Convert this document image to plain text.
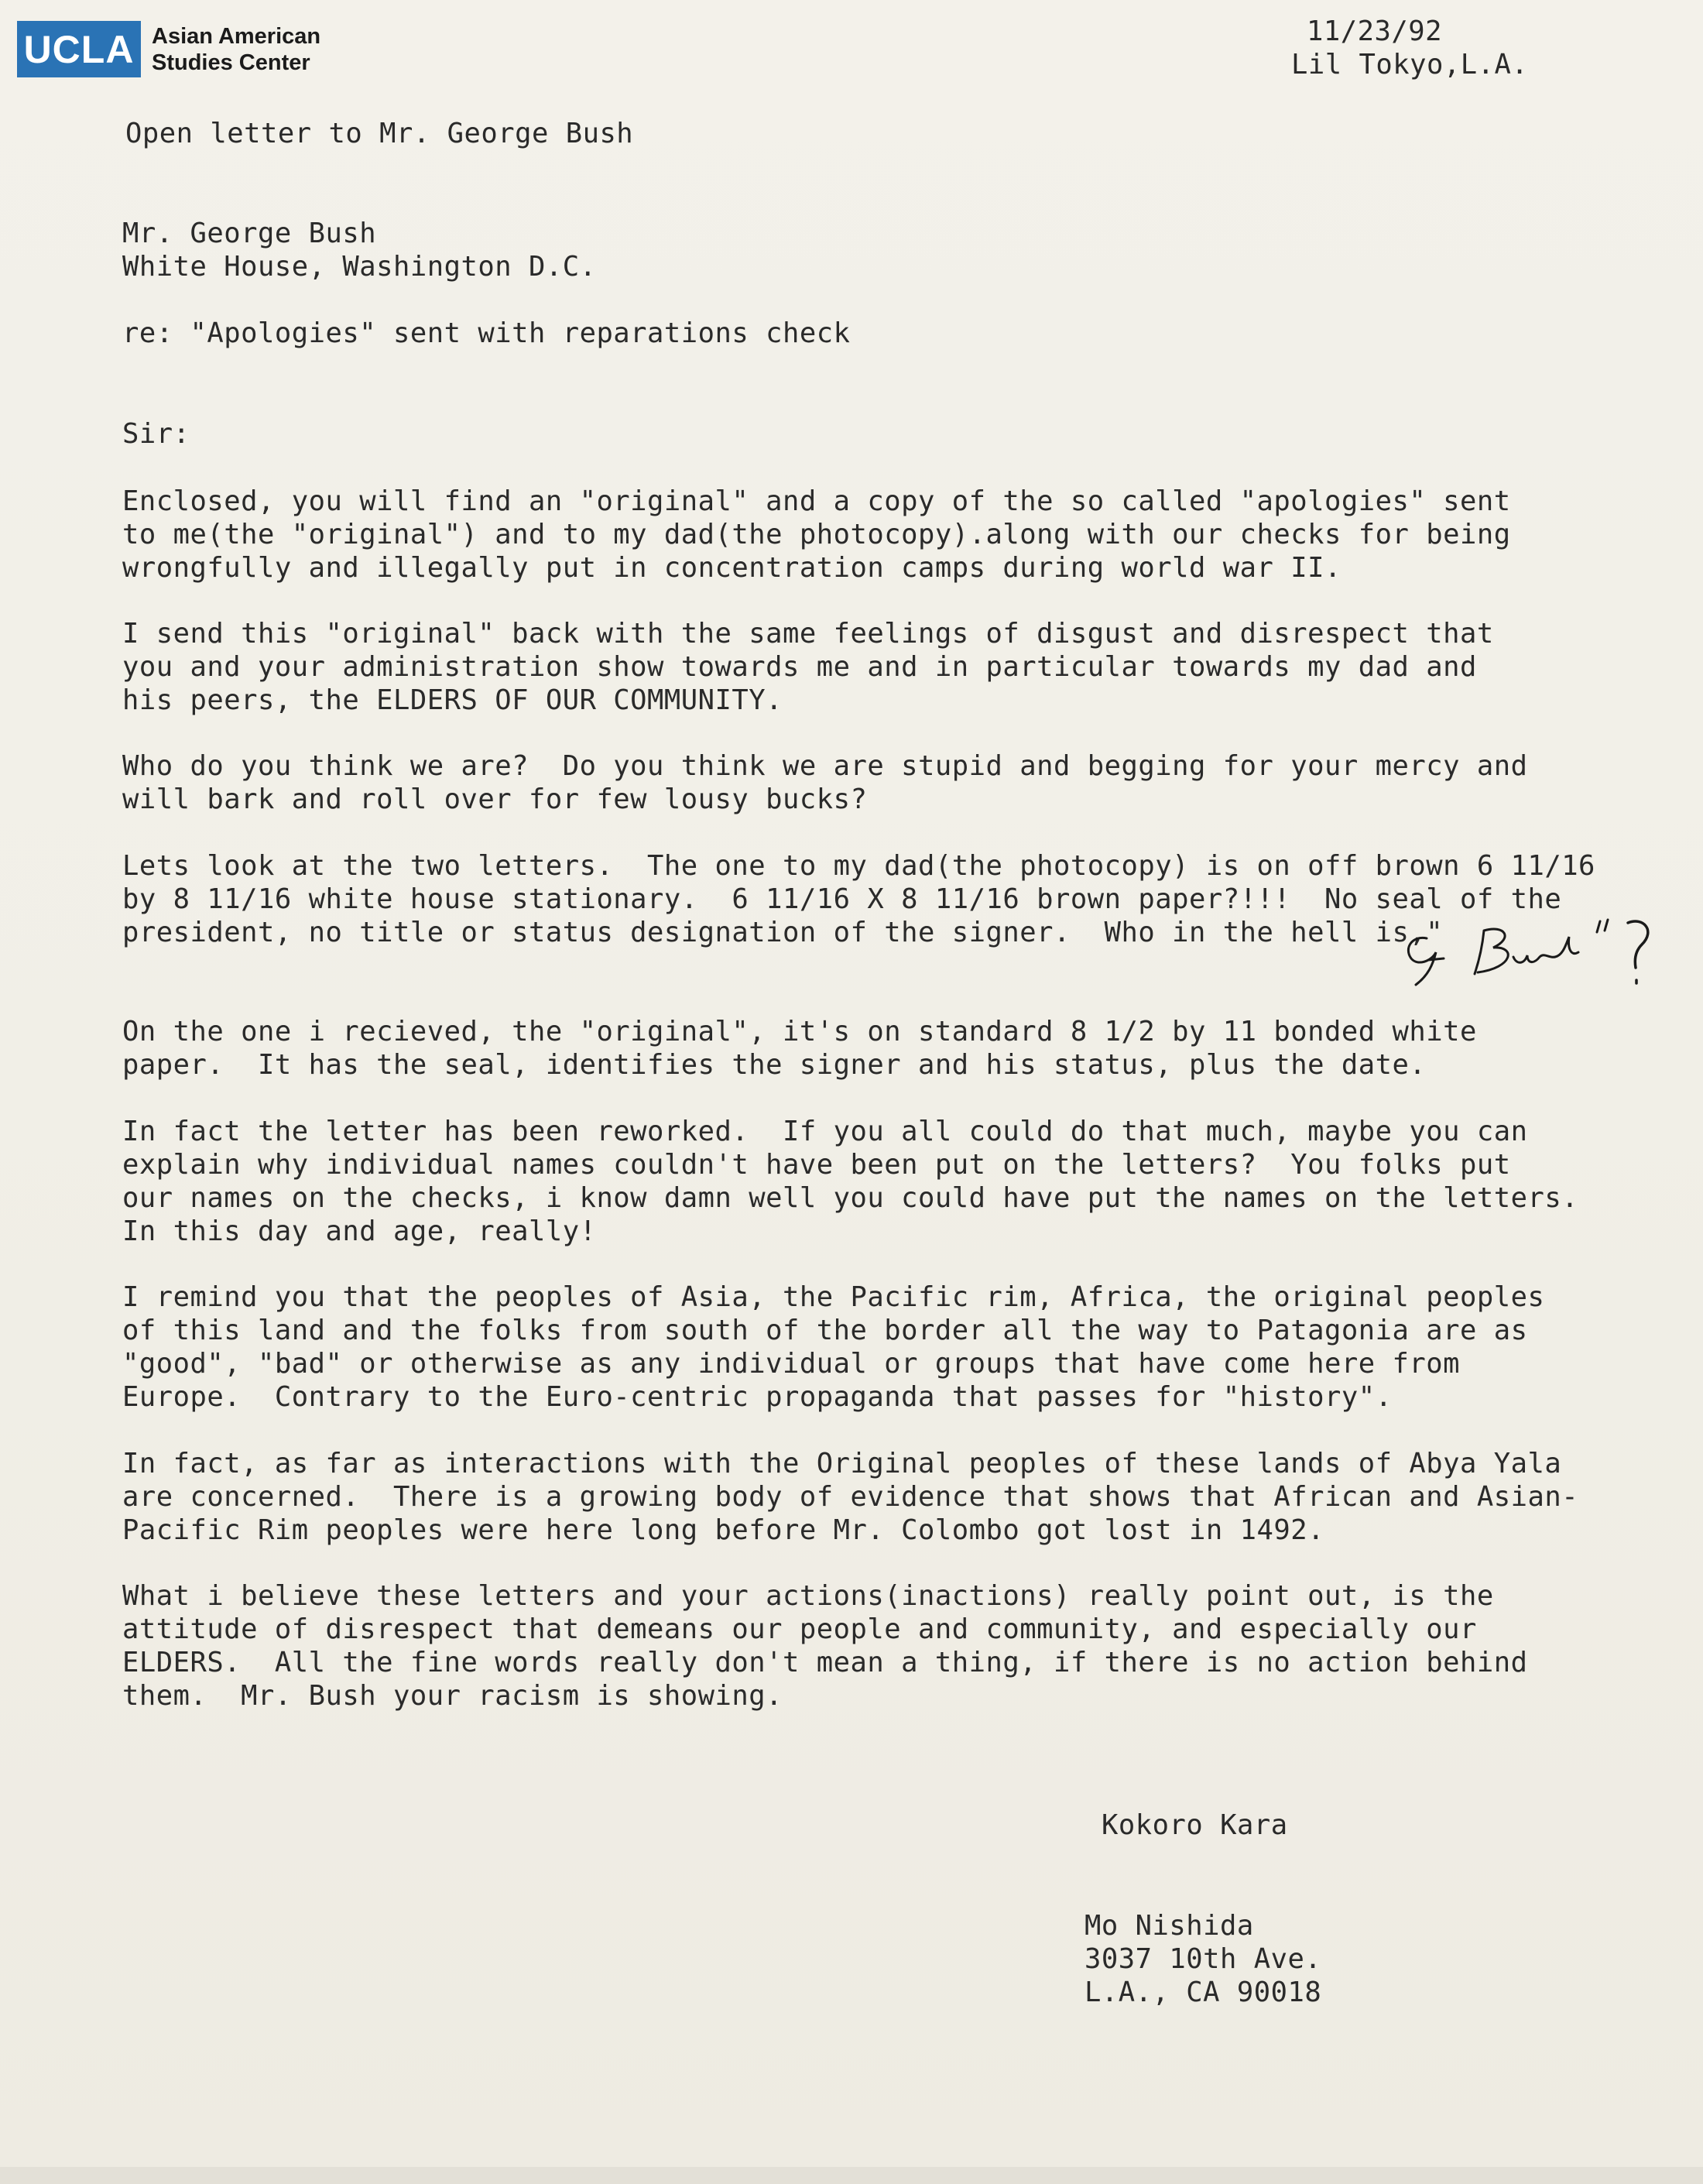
UCLA Asian American
Studies Center
11/23/92
Lil Tokyo,L.A.
Open letter to Mr. George Bush
Mr. George Bush
White House, Washington D.C.
re: "Apologies" sent with reparations check
Sir:
Enclosed, you will find an "original" and a copy of the so called "apologies" sent
to me(the "original") and to my dad(the photocopy).along with our checks for being
wrongfully and illegally put in concentration camps during world war II.
I send this "original" back with the same feelings of disgust and disrespect that
you and your administration show towards me and in particular towards my dad and
his peers, the ELDERS OF OUR COMMUNITY.
Who do you think we are?  Do you think we are stupid and begging for your mercy and
will bark and roll over for few lousy bucks?
Lets look at the two letters.  The one to my dad(the photocopy) is on off brown 6 11/16
by 8 11/16 white house stationary.  6 11/16 X 8 11/16 brown paper?!!!  No seal of the
president, no title or status designation of the signer.  Who in the hell is,"	G Bush
"?
On the one i recieved, the "original", it's on standard 8 1/2 by 11 bonded white
paper.  It has the seal, identifies the signer and his status, plus the date.
In fact the letter has been reworked.  If you all could do that much, maybe you can
explain why individual names couldn't have been put on the letters?  You folks put
our names on the checks, i know damn well you could have put the names on the letters.
In this day and age, really!
I remind you that the peoples of Asia, the Pacific rim, Africa, the original peoples
of this land and the folks from south of the border all the way to Patagonia are as
"good", "bad" or otherwise as any individual or groups that have come here from
Europe.  Contrary to the Euro-centric propaganda that passes for "history".
In fact, as far as interactions with the Original peoples of these lands of Abya Yala
are concerned.  There is a growing body of evidence that shows that African and Asian-
Pacific Rim peoples were here long before Mr. Colombo got lost in 1492.
What i believe these letters and your actions(inactions) really point out, is the
attitude of disrespect that demeans our people and community, and especially our
ELDERS.  All the fine words really don't mean a thing, if there is no action behind
them.  Mr. Bush your racism is showing.
Kokoro Kara
Mo Nishida
3037 10th Ave.
L.A., CA 90018
